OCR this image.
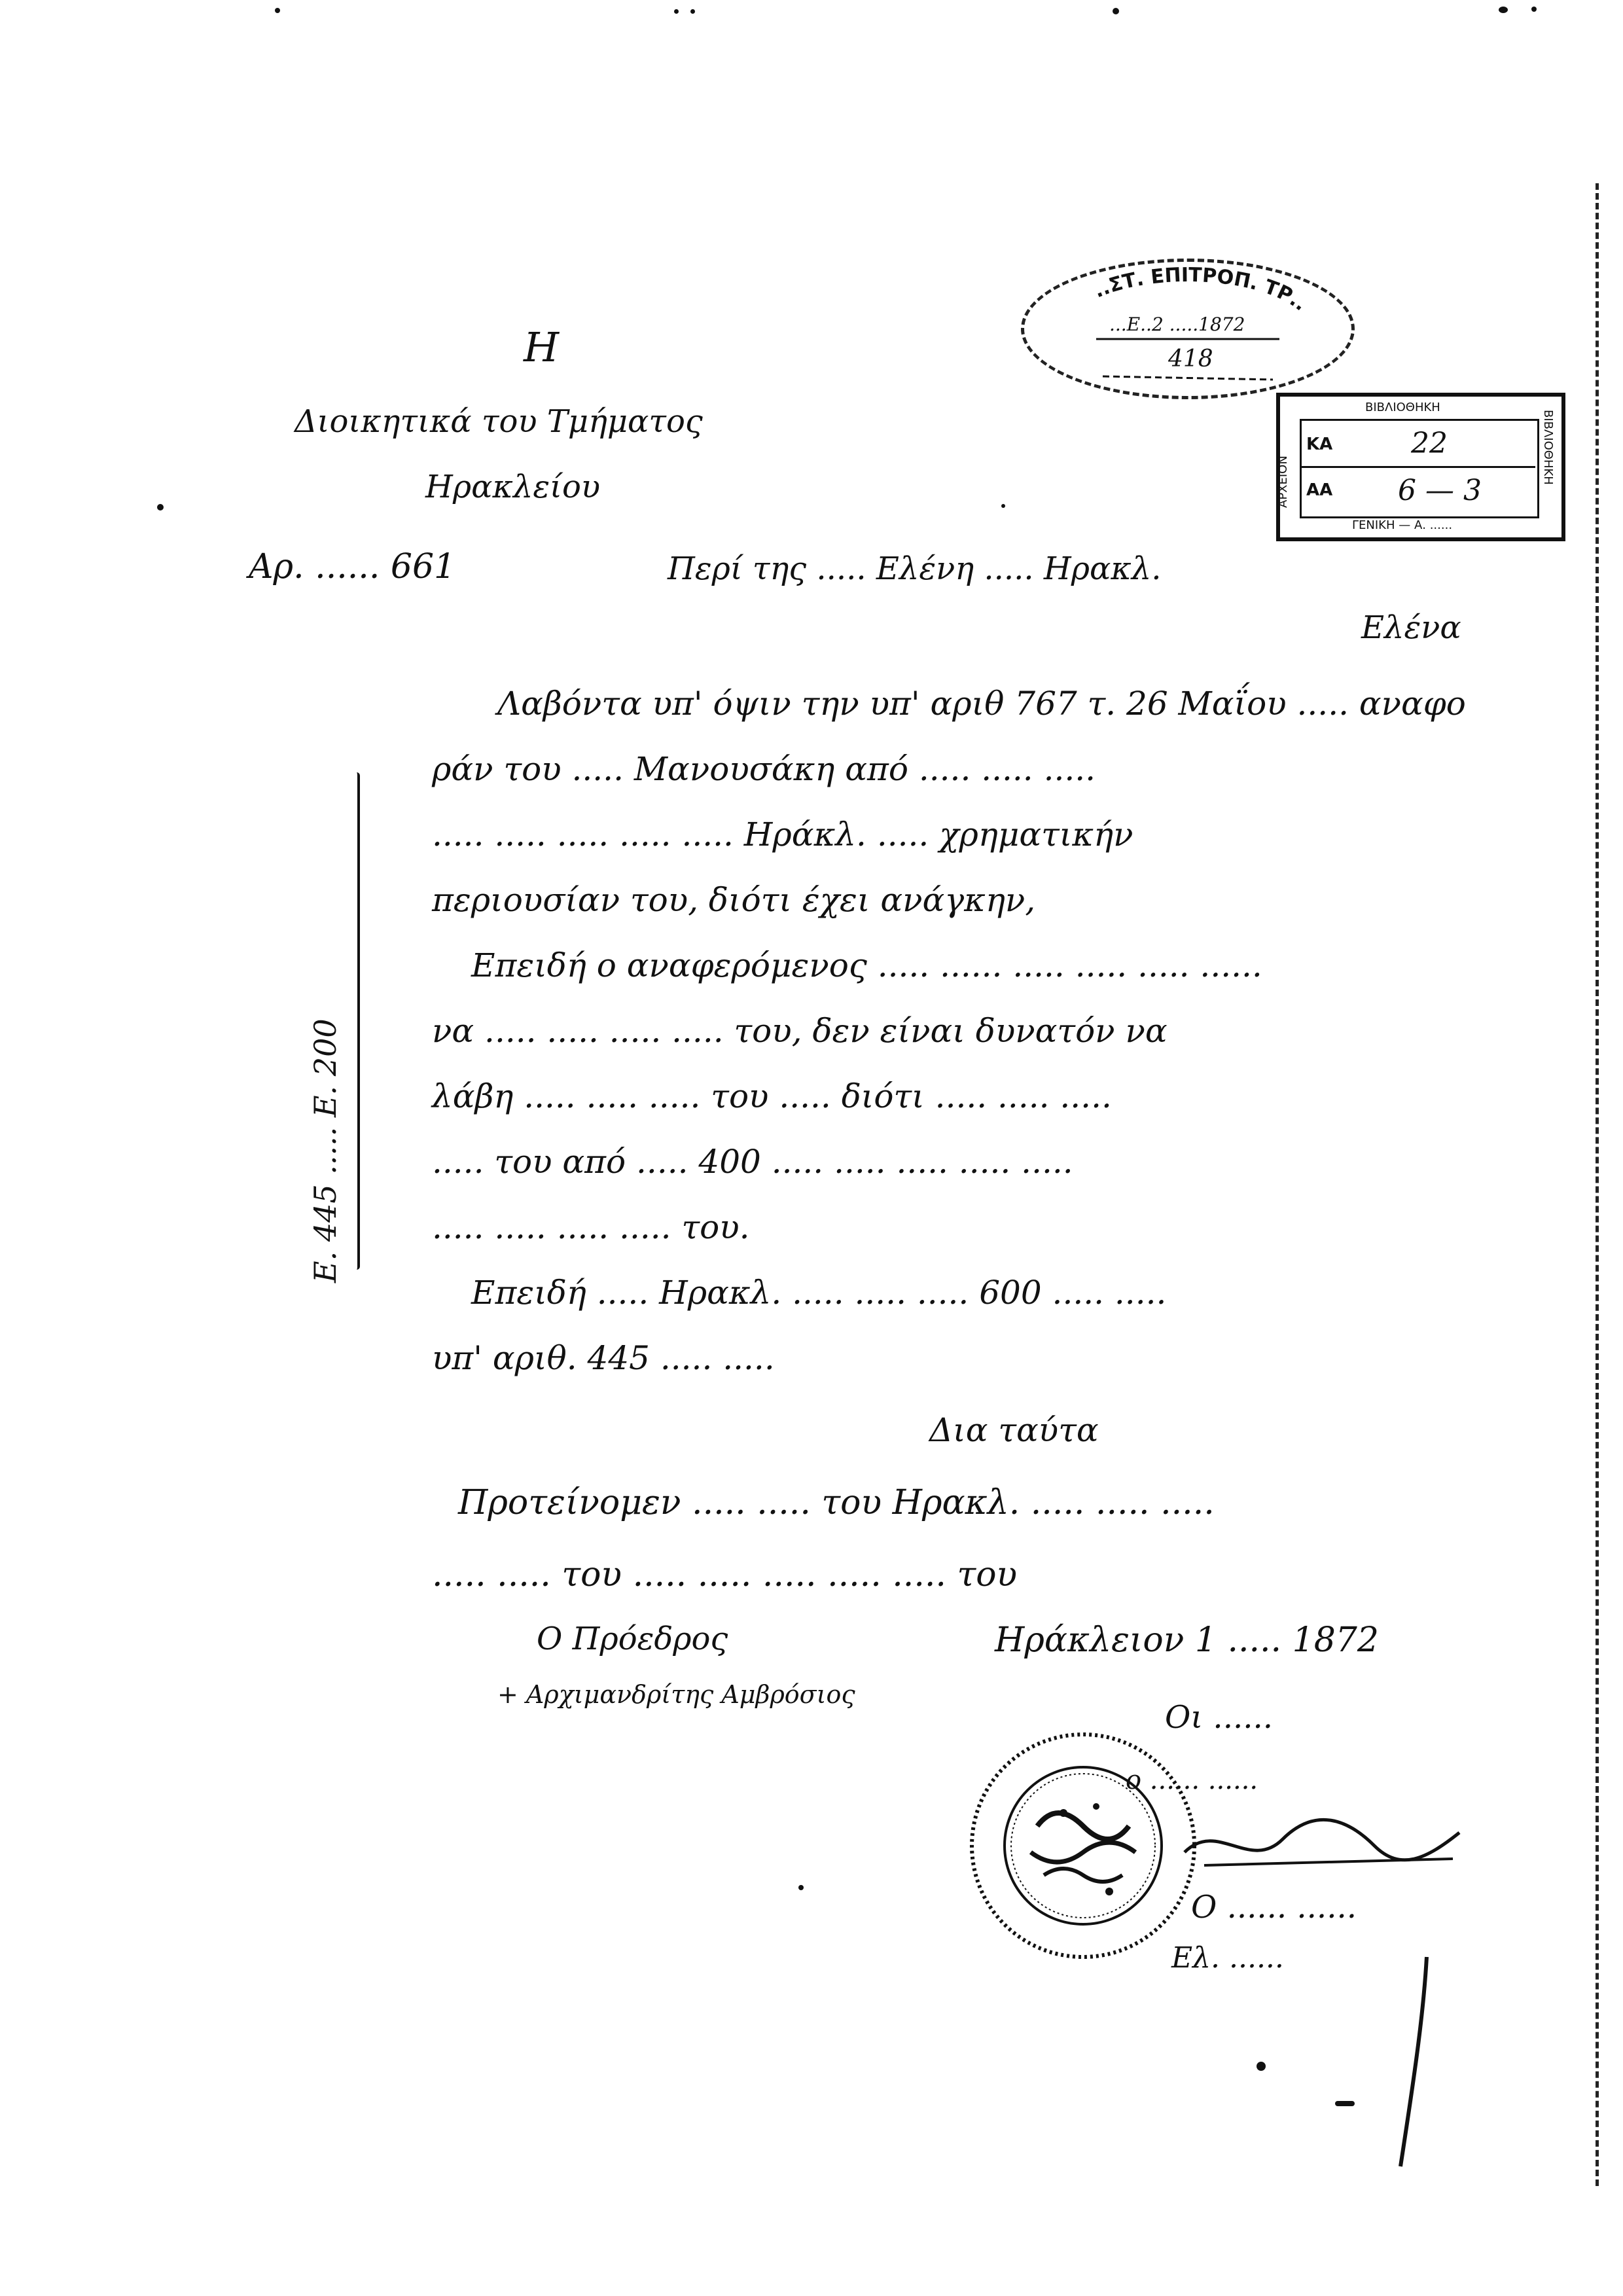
..ΣΤ. ΕΠΙΤΡΟΠ. ΤΡ..
...Ε..2 .....1872
418
ΒΙΒΛΙΟΘΗΚΗ
ΑΡΧΕΙΟΝ	ΒΙΒΛΙΟΘΗΚΗ
ΓΕΝΙΚΗ — Α. ......
ΚΑ
ΑΑ
22
6 — 3
Η
Διοικητικά του Τμήματος
Ηρακλείου
Αρ. ...... 661	Περί της ..... Ελένη ..... Ηρακλ.
Ελένα
Λαβόντα υπ' όψιν την υπ' αριθ 767 τ. 26 Μαΐου ..... αναφο
ράν του ..... Μανουσάκη από ..... ..... .....
..... ..... ..... ..... ..... Ηράκλ. ..... χρηματικήν
περιουσίαν του, διότι έχει ανάγκην,
Επειδή ο αναφερόμενος ..... ...... ..... ..... ..... ......
να ..... ..... ..... ..... του, δεν είναι δυνατόν να
λάβη ..... ..... ..... του ..... διότι ..... ..... .....
..... του από ..... 400 ..... ..... ..... ..... .....
..... ..... ..... ..... του.
Επειδή ..... Ηρακλ. ..... ..... ..... 600 ..... .....
υπ' αριθ. 445 ..... .....
Δια ταύτα
Προτείνομεν ..... ..... του Ηρακλ. ..... ..... .....
..... ..... του ..... ..... ..... ..... ..... του
Ο Πρόεδρος
+ Αρχιμανδρίτης Αμβρόσιος
Ηράκλειον 1 ..... 1872
Οι ......
ο ...... ......
Ο ...... ......
Ελ. ......
Ε. 445 ..... Ε. 200
